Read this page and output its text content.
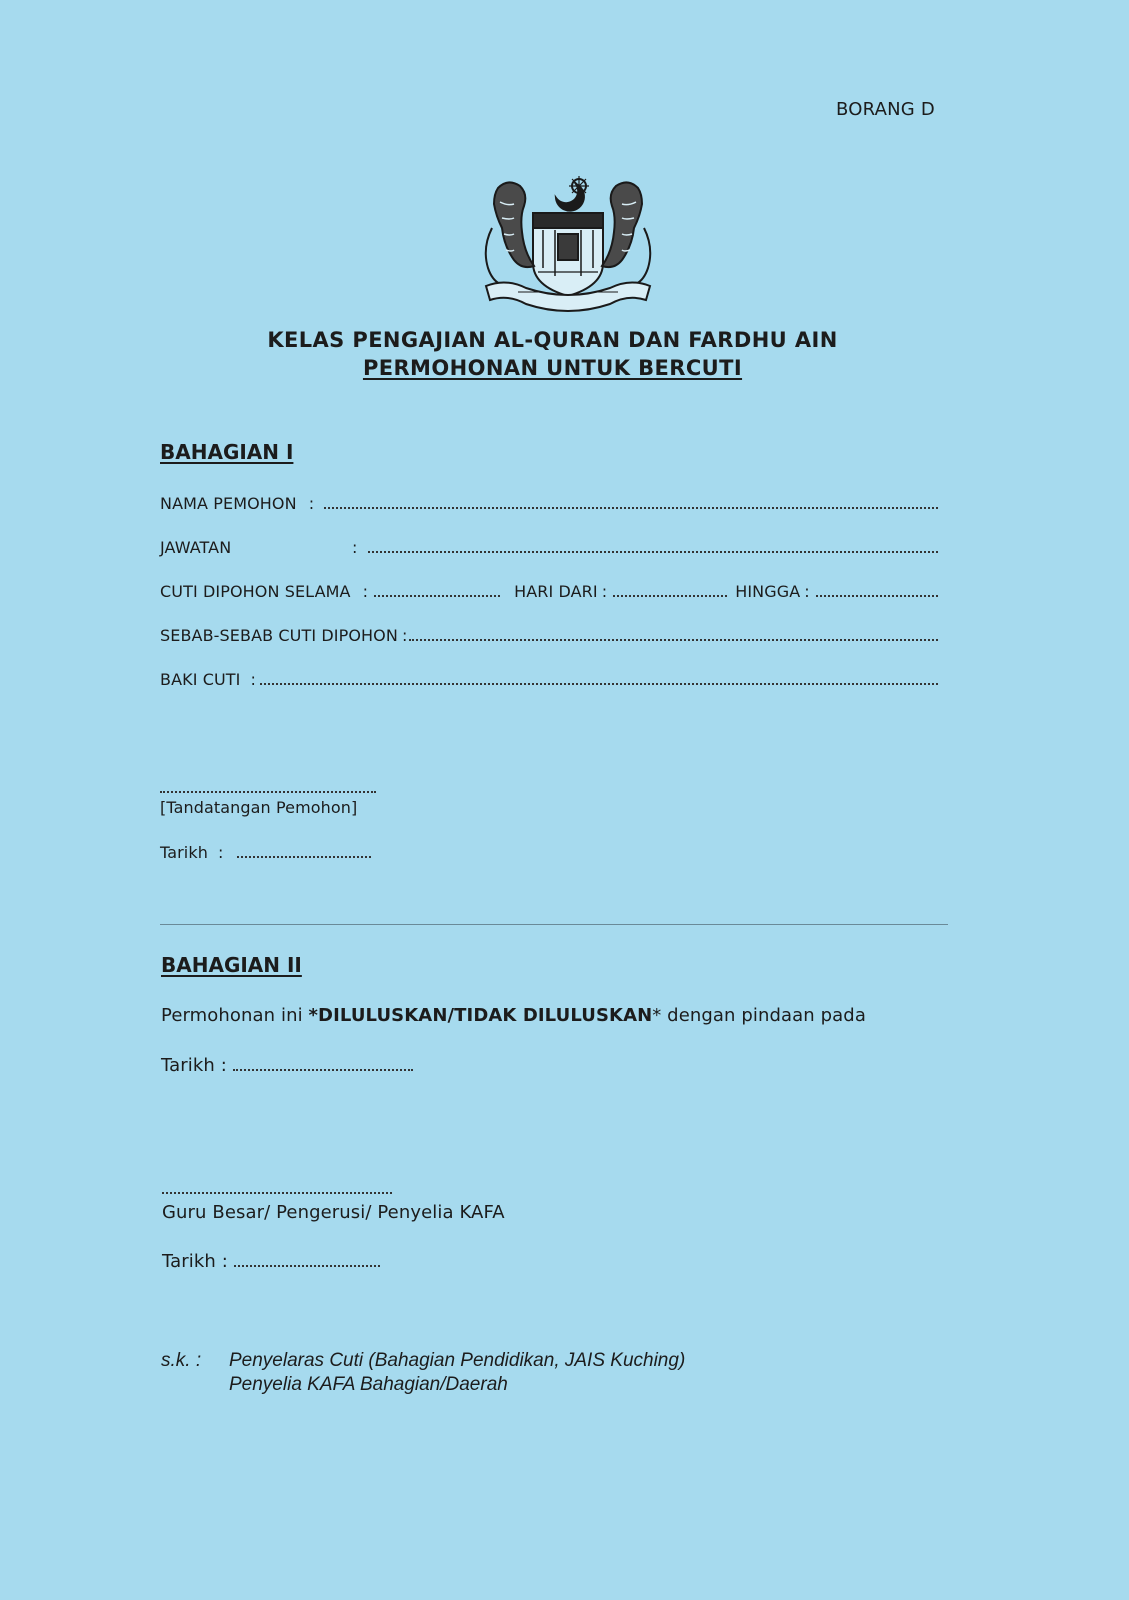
BORANG D
KELAS PENGAJIAN AL-QURAN DAN FARDHU AIN
PERMOHONAN UNTUK BERCUTI
BAHAGIAN I
NAMA PEMOHON :
JAWATAN	:
CUTI DIPOHON SELAMA :	HARI DARI :	HINGGA :
SEBAB-SEBAB CUTI DIPOHON :
BAKI CUTI :
[Tandatangan Pemohon]
Tarikh :
BAHAGIAN II
Permohonan ini *DILULUSKAN/TIDAK DILULUSKAN* dengan pindaan pada
Tarikh :
Guru Besar/ Pengerusi/ Penyelia KAFA
Tarikh :
s.k. : Penyelaras Cuti (Bahagian Pendidikan, JAIS Kuching)
Penyelia KAFA Bahagian/Daerah
